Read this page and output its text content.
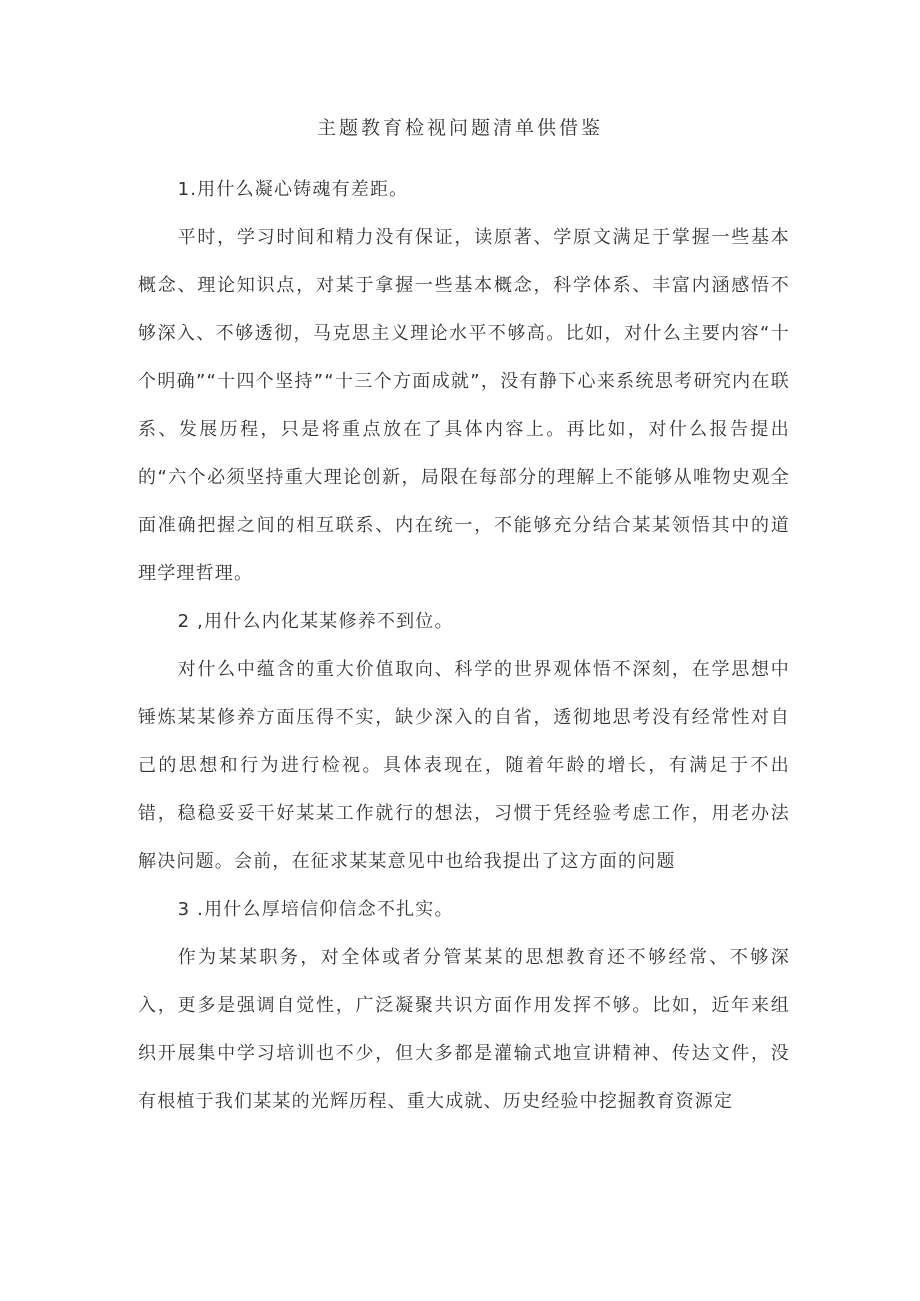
主题教育检视问题清单供借鉴

1.用什么凝心铸魂有差距。

平时，学习时间和精力没有保证，读原著、学原文满足于掌握一些基本概念、理论知识点，对某于拿握一些基本概念，科学体系、丰富内涵感悟不够深入、不够透彻，马克思主义理论水平不够高。比如，对什么主要内容“十个明确”“十四个坚持”“十三个方面成就”，没有静下心来系统思考研究内在联系、发展历程，只是将重点放在了具体内容上。再比如，对什么报告提出的“六个必须坚持重大理论创新，局限在每部分的理解上不能够从唯物史观全面准确把握之间的相互联系、内在统一，不能够充分结合某某领悟其中的道理学理哲理。

2 ,用什么内化某某修养不到位。

对什么中蕴含的重大价值取向、科学的世界观体悟不深刻，在学思想中锤炼某某修养方面压得不实，缺少深入的自省，透彻地思考没有经常性对自己的思想和行为进行检视。具体表现在，随着年龄的增长，有满足于不出错，稳稳妥妥干好某某工作就行的想法，习惯于凭经验考虑工作，用老办法解决问题。会前，在征求某某意见中也给我提出了这方面的问题

3 .用什么厚培信仰信念不扎实。

作为某某职务，对全体或者分管某某的思想教育还不够经常、不够深入，更多是强调自觉性，广泛凝聚共识方面作用发挥不够。比如，近年来组织开展集中学习培训也不少，但大多都是灌输式地宣讲精神、传达文件，没有根植于我们某某的光辉历程、重大成就、历史经验中挖掘教育资源定
